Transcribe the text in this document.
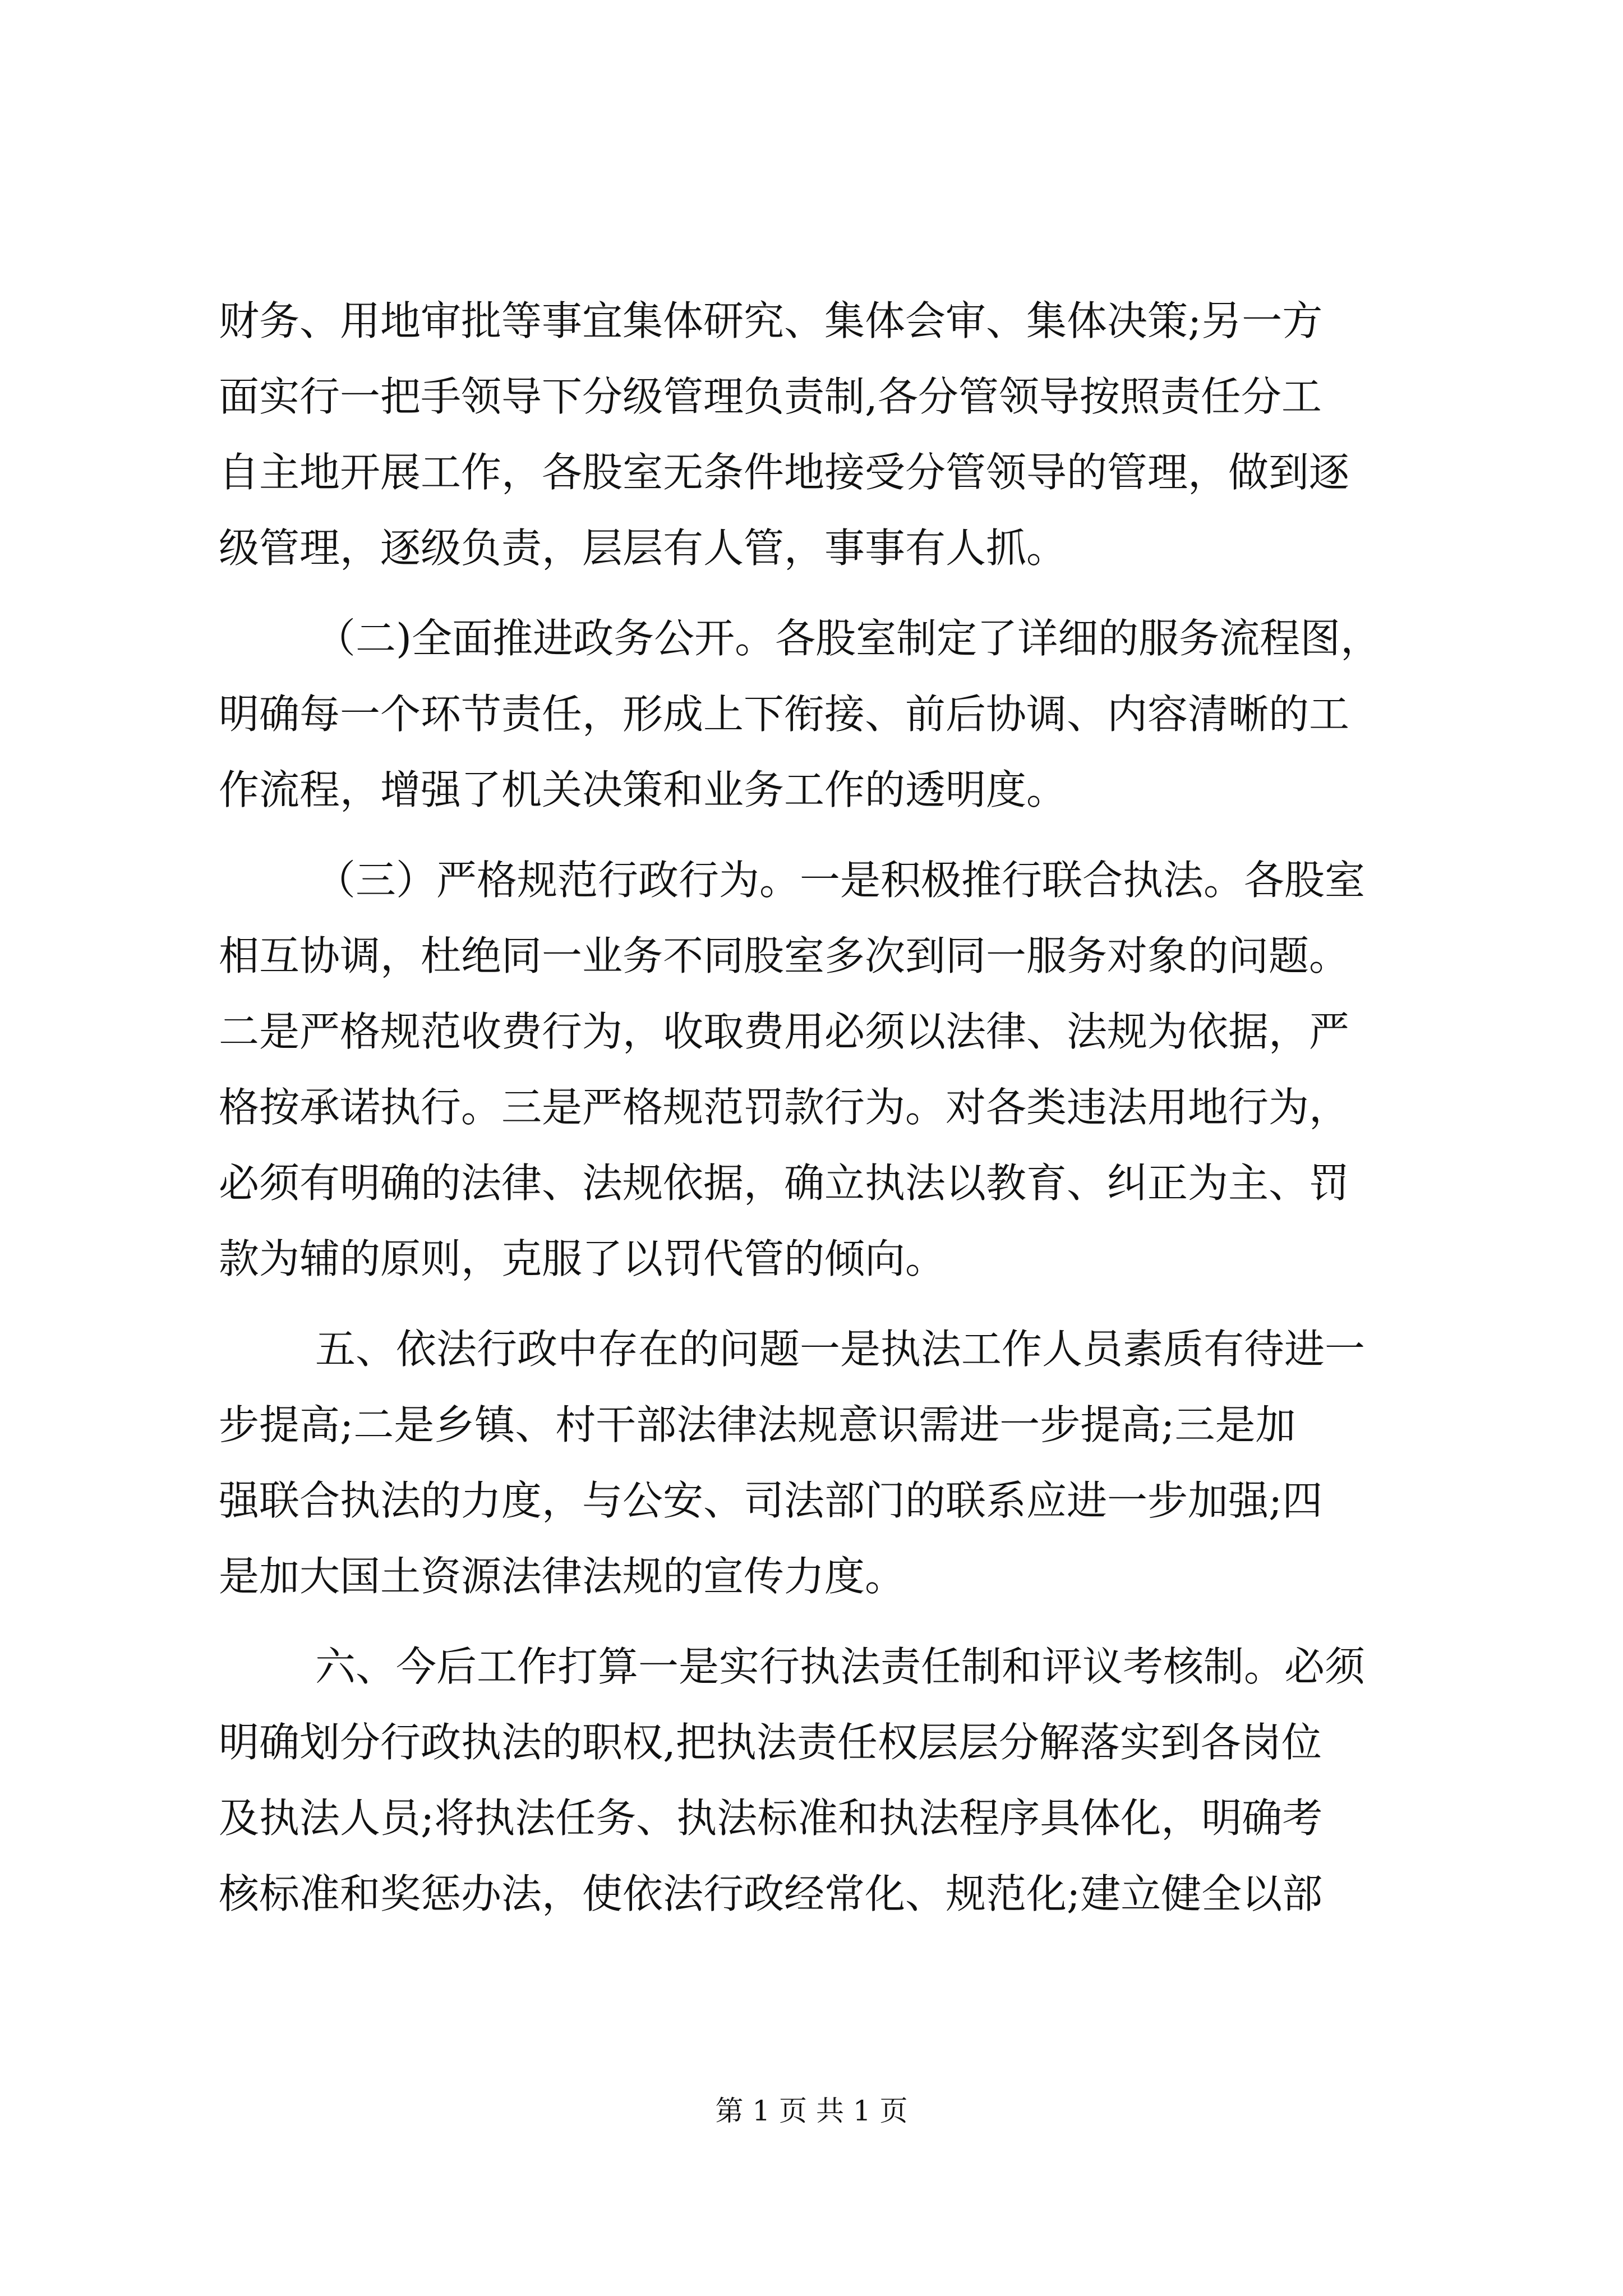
财务、用地审批等事宜集体研究、集体会审、集体决策;另一方
面实行一把手领导下分级管理负责制,各分管领导按照责任分工
自主地开展工作，各股室无条件地接受分管领导的管理，做到逐
级管理，逐级负责，层层有人管，事事有人抓。
（二)全面推进政务公开。各股室制定了详细的服务流程图，
明确每一个环节责任，形成上下衔接、前后协调、内容清晰的工
作流程，增强了机关决策和业务工作的透明度。
（三）严格规范行政行为。一是积极推行联合执法。各股室
相互协调，杜绝同一业务不同股室多次到同一服务对象的问题。
二是严格规范收费行为，收取费用必须以法律、法规为依据，严
格按承诺执行。三是严格规范罚款行为。对各类违法用地行为，
必须有明确的法律、法规依据，确立执法以教育、纠正为主、罚
款为辅的原则，克服了以罚代管的倾向。
五、依法行政中存在的问题一是执法工作人员素质有待进一
步提高;二是乡镇、村干部法律法规意识需进一步提高;三是加
强联合执法的力度，与公安、司法部门的联系应进一步加强;四
是加大国土资源法律法规的宣传力度。
六、今后工作打算一是实行执法责任制和评议考核制。必须
明确划分行政执法的职权,把执法责任权层层分解落实到各岗位
及执法人员;将执法任务、执法标准和执法程序具体化，明确考
核标准和奖惩办法，使依法行政经常化、规范化;建立健全以部
第 1 页 共 1 页
